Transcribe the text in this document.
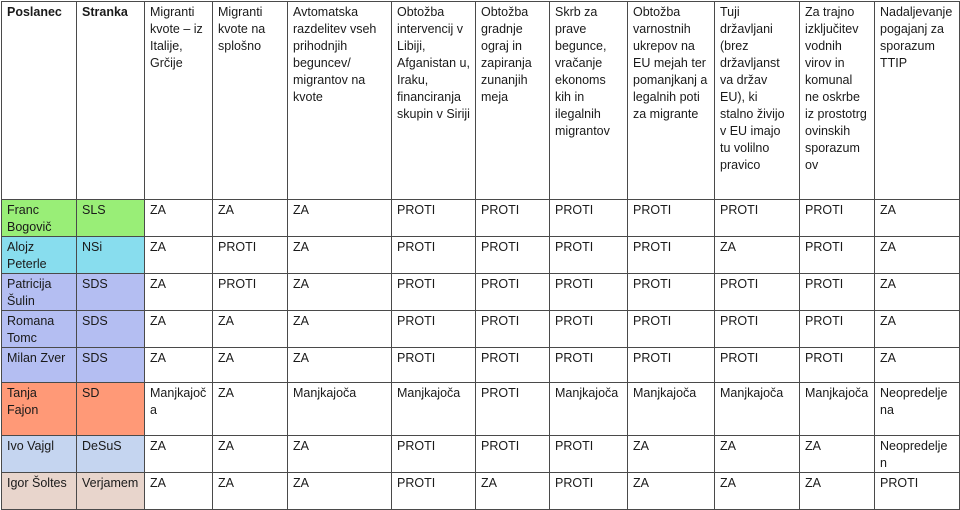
Poslanec	Stranka	Migranti kvote – iz Italije, Grčije	Migranti kvote na splošno	Avtomatska razdelitev vseh prihodnjih beguncev/ migrantov na kvote	Obtožba intervencij v Libiji, Afganistan u, Iraku, financiranja skupin v Siriji	Obtožba gradnje ograj in zapiranja zunanjih meja	Skrb za prave begunce, vračanje ekonoms kih in ilegalnih migrantov	Obtožba varnostnih ukrepov na EU mejah ter pomanjkanj a legalnih poti za migrante	Tuji državljani (brez državljanst va držav EU), ki stalno živijo v EU imajo tu volilno pravico	Za trajno izključitev vodnih virov in komunal ne oskrbe iz prostotrg ovinskih sporazum ov	Nadaljevanje pogajanj za sporazum TTIP
Franc Bogovič	SLS	ZA	ZA	ZA	PROTI	PROTI	PROTI	PROTI	PROTI	PROTI	ZA
Alojz Peterle	NSi	ZA	PROTI	ZA	PROTI	PROTI	PROTI	PROTI	ZA	PROTI	ZA
Patricija Šulin	SDS	ZA	PROTI	ZA	PROTI	PROTI	PROTI	PROTI	PROTI	PROTI	ZA
Romana Tomc	SDS	ZA	ZA	ZA	PROTI	PROTI	PROTI	PROTI	PROTI	PROTI	ZA
Milan Zver	SDS	ZA	ZA	ZA	PROTI	PROTI	PROTI	PROTI	PROTI	PROTI	ZA
Tanja Fajon	SD	Manjkajoča	ZA	Manjkajoča	Manjkajoča	PROTI	Manjkajoča	Manjkajoča	Manjkajoča	Manjkajoča	Neopredeljena
Ivo Vajgl	DeSuS	ZA	ZA	ZA	PROTI	PROTI	PROTI	ZA	ZA	ZA	Neopredeljen
Igor Šoltes	Verjamem	ZA	ZA	ZA	PROTI	ZA	PROTI	ZA	ZA	ZA	PROTI
